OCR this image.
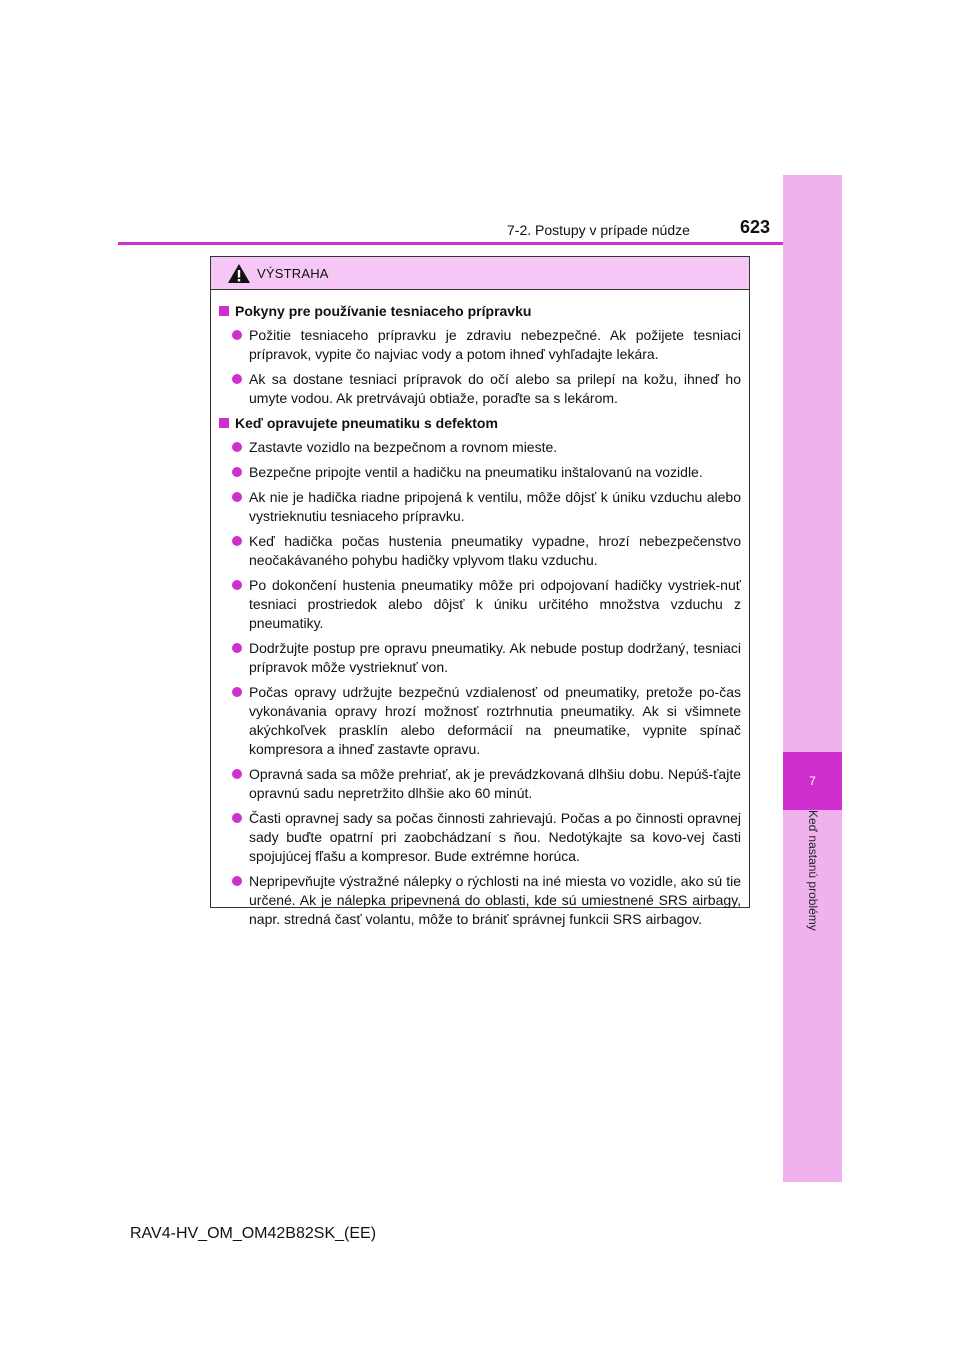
7
Keď nastanú problémy
7-2. Postupy v prípade núdze	623
VÝSTRAHA
Pokyny pre používanie tesniaceho prípravku
Požitie tesniaceho prípravku je zdraviu nebezpečné. Ak požijete tesniaci prípravok, vypite čo najviac vody a potom ihneď vyhľadajte lekára.
Ak sa dostane tesniaci prípravok do očí alebo sa prilepí na kožu, ihneď ho umyte vodou. Ak pretrvávajú obtiaže, poraďte sa s lekárom.
Keď opravujete pneumatiku s defektom
Zastavte vozidlo na bezpečnom a rovnom mieste.
Bezpečne pripojte ventil a hadičku na pneumatiku inštalovanú na vozidle.
Ak nie je hadička riadne pripojená k ventilu, môže dôjsť k úniku vzduchu alebo vystrieknutiu tesniaceho prípravku.
Keď hadička počas hustenia pneumatiky vypadne, hrozí nebezpečenstvo neočakávaného pohybu hadičky vplyvom tlaku vzduchu.
Po dokončení hustenia pneumatiky môže pri odpojovaní hadičky vystriek-nuť tesniaci prostriedok alebo dôjsť k úniku určitého množstva vzduchu z pneumatiky.
Dodržujte postup pre opravu pneumatiky. Ak nebude postup dodržaný, tesniaci prípravok môže vystrieknuť von.
Počas opravy udržujte bezpečnú vzdialenosť od pneumatiky, pretože po-čas vykonávania opravy hrozí možnosť roztrhnutia pneumatiky. Ak si všimnete akýchkoľvek prasklín alebo deformácií na pneumatike, vypnite spínač kompresora a ihneď zastavte opravu.
Opravná sada sa môže prehriať, ak je prevádzkovaná dlhšiu dobu. Nepúš-ťajte opravnú sadu nepretržito dlhšie ako 60 minút.
Časti opravnej sady sa počas činnosti zahrievajú. Počas a po činnosti opravnej sady buďte opatrní pri zaobchádzaní s ňou. Nedotýkajte sa kovo-vej časti spojujúcej fľašu a kompresor. Bude extrémne horúca.
Nepripevňujte výstražné nálepky o rýchlosti na iné miesta vo vozidle, ako sú tie určené. Ak je nálepka pripevnená do oblasti, kde sú umiestnené SRS airbagy, napr. stredná časť volantu, môže to brániť správnej funkcii SRS airbagov.
RAV4-HV_OM_OM42B82SK_(EE)
